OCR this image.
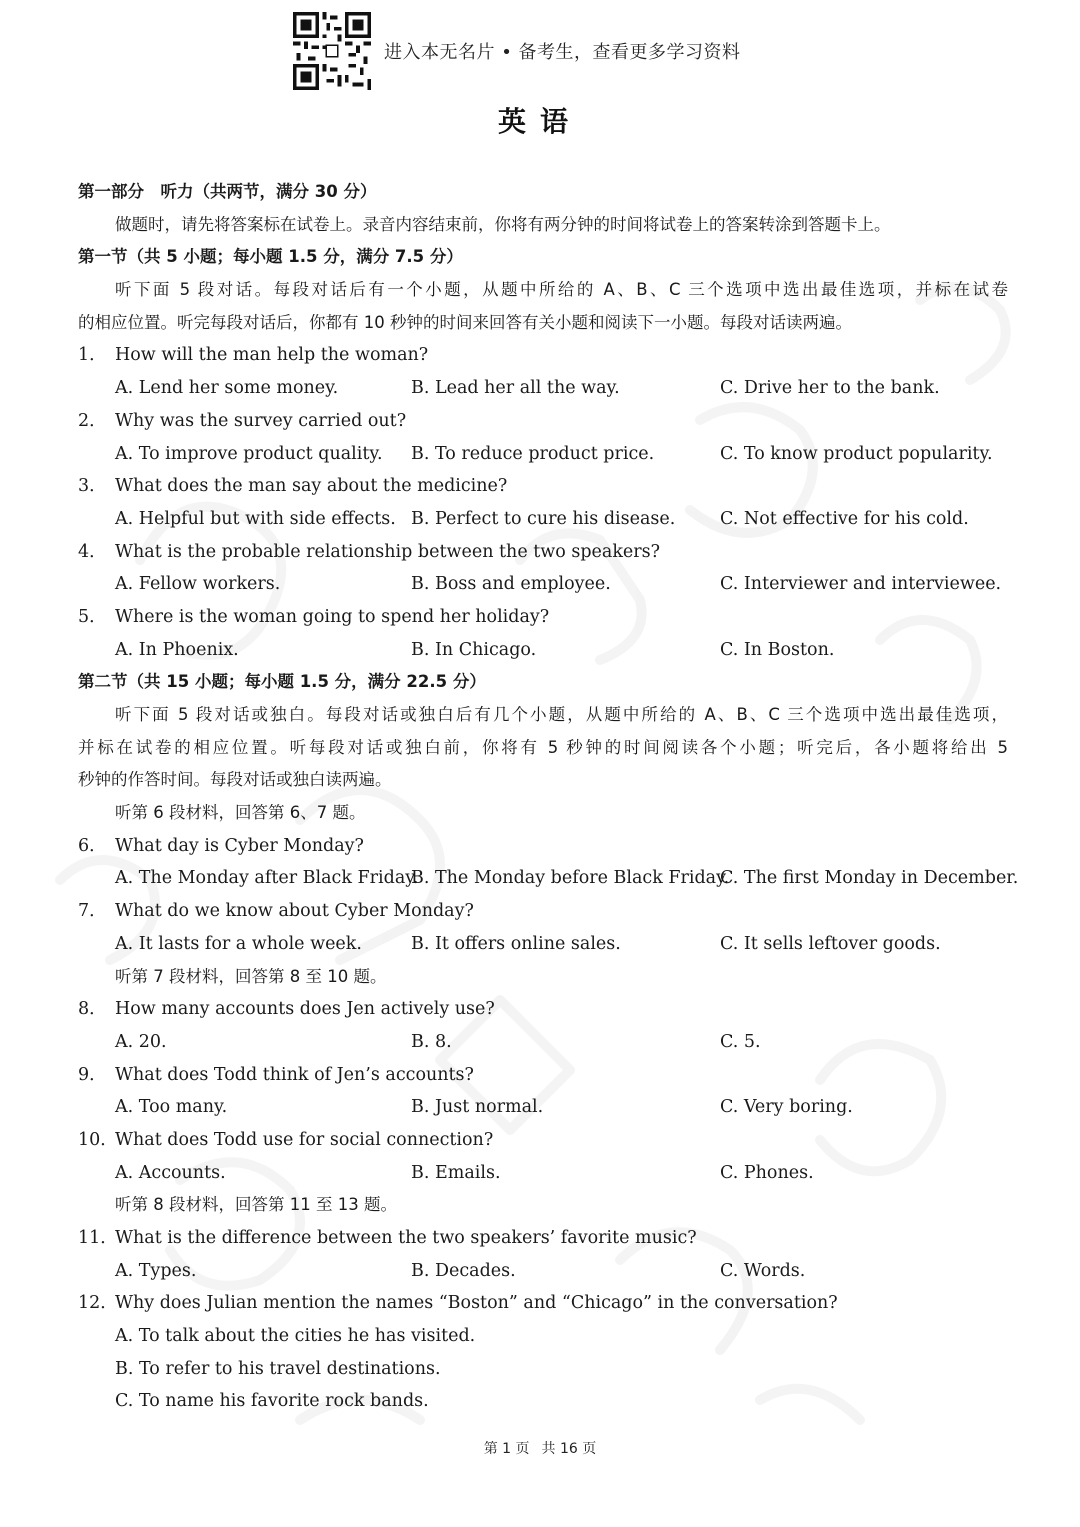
进入本无名片 • 备考生，查看更多学习资料
英语
第一部分　听力（共两节，满分 30 分）
做题时，请先将答案标在试卷上。录音内容结束前，你将有两分钟的时间将试卷上的答案转涂到答题卡上。
第一节（共 5 小题；每小题 1.5 分，满分 7.5 分）
听下面 5 段对话。每段对话后有一个小题，从题中所给的 A、B、C 三个选项中选出最佳选项，并标在试卷
的相应位置。听完每段对话后，你都有 10 秒钟的时间来回答有关小题和阅读下一小题。每段对话读两遍。
1． How will the man help the woman?
A. Lend her some money.	B. Lead her all the way.	C. Drive her to the bank.
2． Why was the survey carried out?
A. To improve product quality. B. To reduce product price.	C. To know product popularity.
3． What does the man say about the medicine?
A. Helpful but with side effects. B. Perfect to cure his disease.	C. Not effective for his cold.
4． What is the probable relationship between the two speakers?
A. Fellow workers.	B. Boss and employee.	C. Interviewer and interviewee.
5． Where is the woman going to spend her holiday?
A. In Phoenix.	B. In Chicago.	C. In Boston.
第二节（共 15 小题；每小题 1.5 分，满分 22.5 分）
听下面 5 段对话或独白。每段对话或独白后有几个小题，从题中所给的 A、B、C 三个选项中选出最佳选项，
并标在试卷的相应位置。听每段对话或独白前，你将有 5 秒钟的时间阅读各个小题；听完后，各小题将给出 5
秒钟的作答时间。每段对话或独白读两遍。
听第 6 段材料，回答第 6、7 题。
6． What day is Cyber Monday?
A. The Monday after Black Friday.
B. The Monday before Black Friday.
C. The first Monday in December.
7． What do we know about Cyber Monday?
A. It lasts for a whole week.	B. It offers online sales.	C. It sells leftover goods.
听第 7 段材料，回答第 8 至 10 题。
8． How many accounts does Jen actively use?
A. 20.	B. 8.	C. 5.
9． What does Todd think of Jen’s accounts?
A. Too many.	B. Just normal.	C. Very boring.
10．
What does Todd use for social connection?
A. Accounts.	B. Emails.	C. Phones.
听第 8 段材料，回答第 11 至 13 题。
11．
What is the difference between the two speakers’ favorite music?
A. Types.	B. Decades.	C. Words.
12．
Why does Julian mention the names “Boston” and “Chicago” in the conversation?
A. To talk about the cities he has visited.
B. To refer to his travel destinations.
C. To name his favorite rock bands.
第 1 页 共 16 页
